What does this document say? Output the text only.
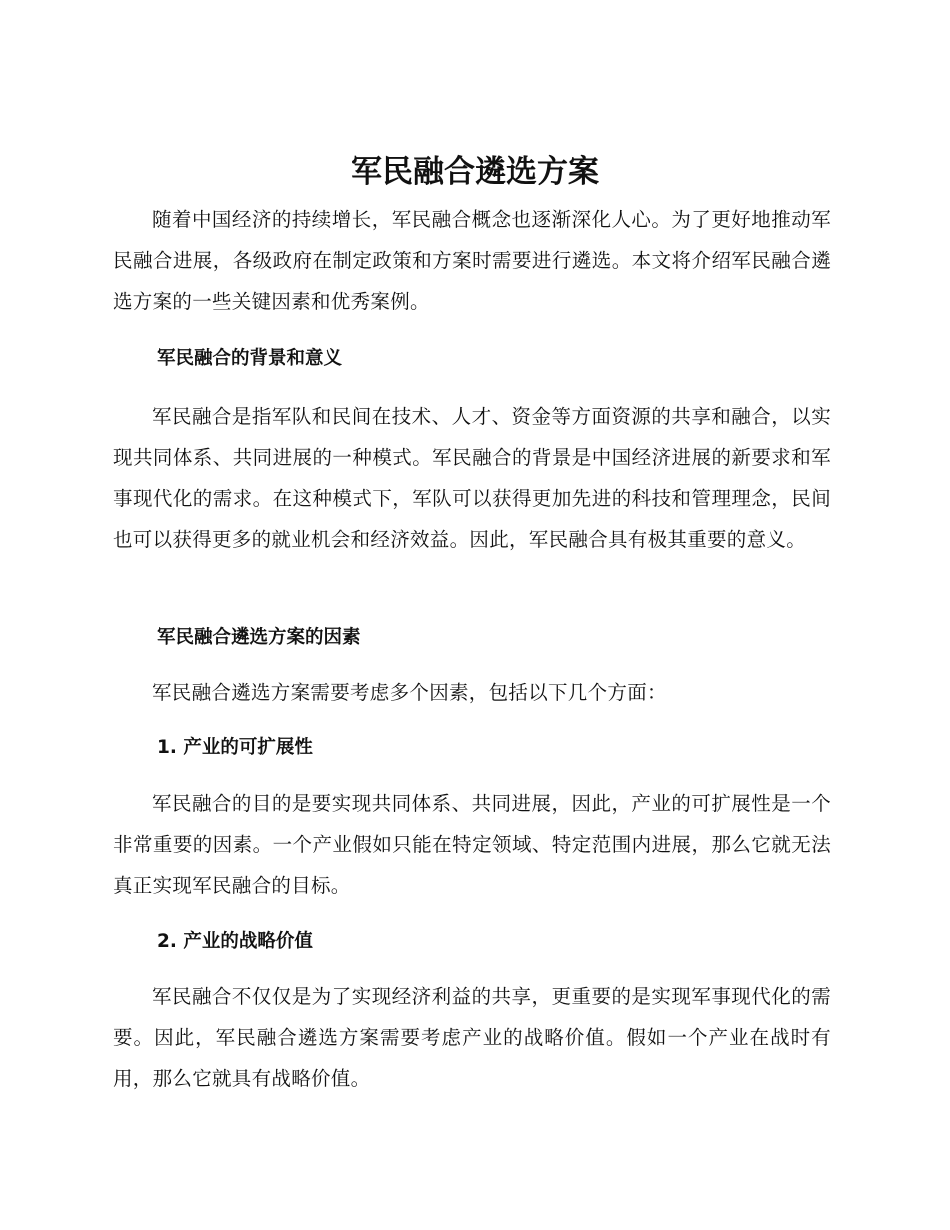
军民融合遴选方案

随着中国经济的持续增长，军民融合概念也逐渐深化人心。为了更好地推动军民融合进展，各级政府在制定政策和方案时需要进行遴选。本文将介绍军民融合遴选方案的一些关键因素和优秀案例。

军民融合的背景和意义

军民融合是指军队和民间在技术、人才、资金等方面资源的共享和融合，以实现共同体系、共同进展的一种模式。军民融合的背景是中国经济进展的新要求和军事现代化的需求。在这种模式下，军队可以获得更加先进的科技和管理理念，民间也可以获得更多的就业机会和经济效益。因此，军民融合具有极其重要的意义。

军民融合遴选方案的因素

军民融合遴选方案需要考虑多个因素，包括以下几个方面：

1. 产业的可扩展性

军民融合的目的是要实现共同体系、共同进展，因此，产业的可扩展性是一个非常重要的因素。一个产业假如只能在特定领域、特定范围内进展，那么它就无法真正实现军民融合的目标。

2. 产业的战略价值

军民融合不仅仅是为了实现经济利益的共享，更重要的是实现军事现代化的需要。因此，军民融合遴选方案需要考虑产业的战略价值。假如一个产业在战时有用，那么它就具有战略价值。
